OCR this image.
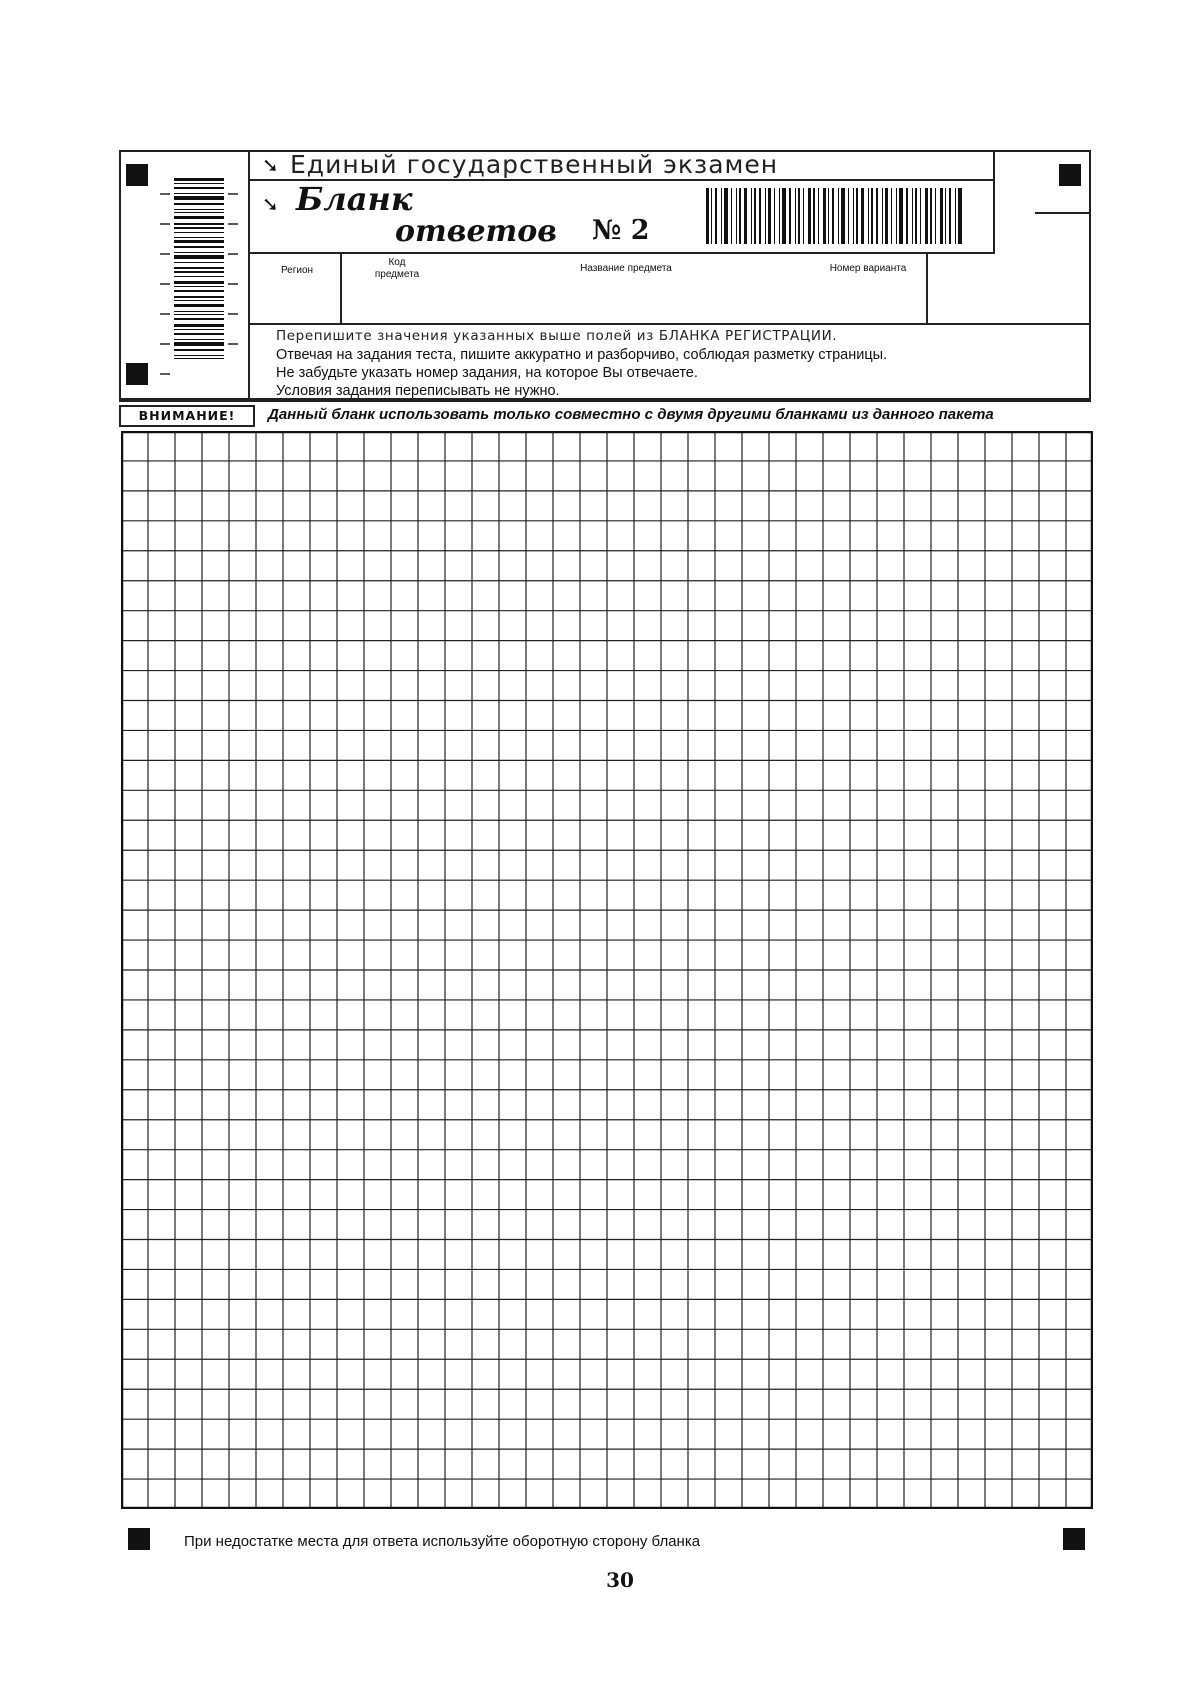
➘ Единый государственный экзамен
➘ Бланк
ответов № 2
Регион
Код
предмета
Название предмета	Номер варианта
Перепишите значения указанных выше полей из БЛАНКА РЕГИСТРАЦИИ.
Отвечая на задания теста, пишите аккуратно и разборчиво, соблюдая разметку страницы.
Не забудьте указать номер задания, на которое Вы отвечаете.
Условия задания переписывать не нужно.
ВНИМАНИЕ!	Данный бланк использовать только совместно с двумя другими бланками из данного пакета
При недостатке места для ответа используйте оборотную сторону бланка
30
